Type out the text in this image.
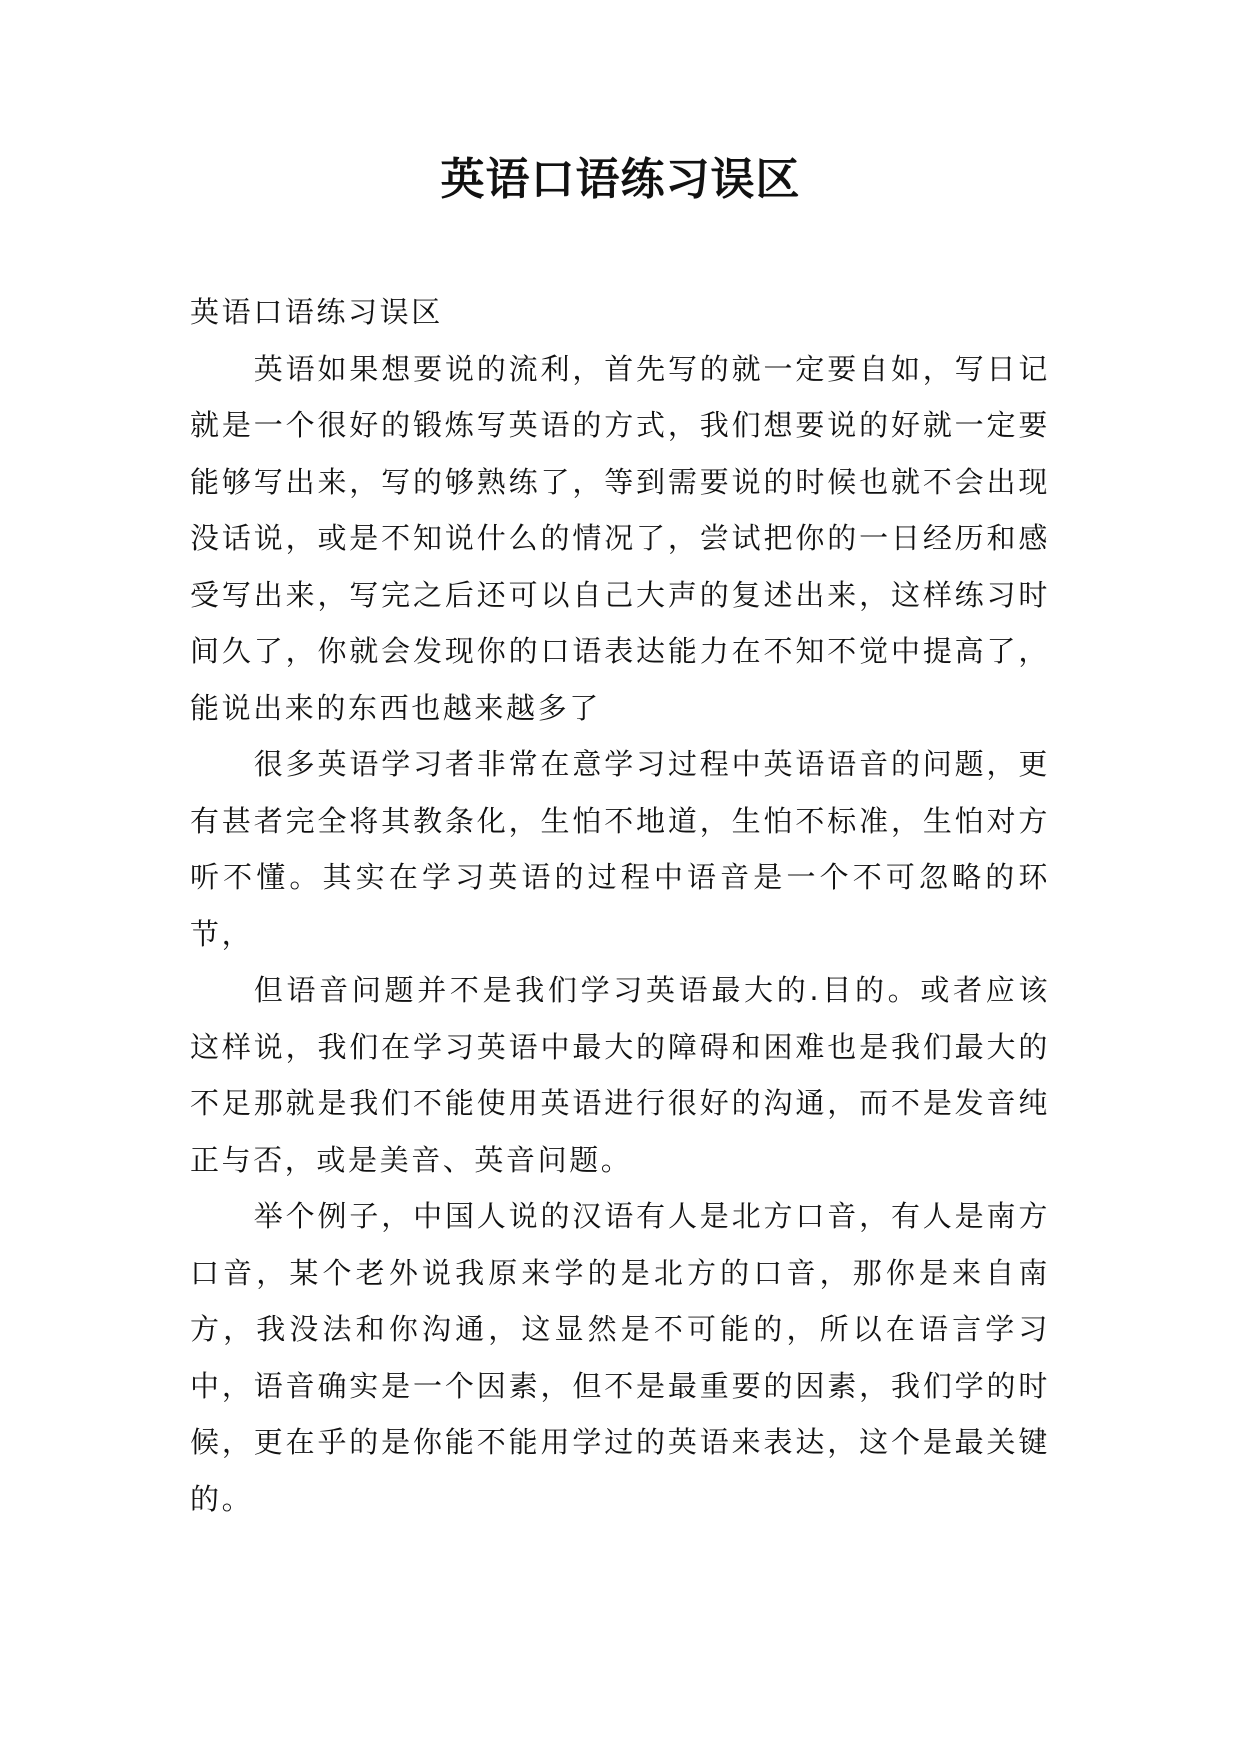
英语口语练习误区

英语口语练习误区

英语如果想要说的流利，首先写的就一定要自如，写日记就是一个很好的锻炼写英语的方式，我们想要说的好就一定要能够写出来，写的够熟练了，等到需要说的时候也就不会出现没话说，或是不知说什么的情况了，尝试把你的一日经历和感受写出来，写完之后还可以自己大声的复述出来，这样练习时间久了，你就会发现你的口语表达能力在不知不觉中提高了，能说出来的东西也越来越多了

很多英语学习者非常在意学习过程中英语语音的问题，更有甚者完全将其教条化，生怕不地道，生怕不标准，生怕对方听不懂。其实在学习英语的过程中语音是一个不可忽略的环节，

但语音问题并不是我们学习英语最大的.目的。或者应该这样说，我们在学习英语中最大的障碍和困难也是我们最大的不足那就是我们不能使用英语进行很好的沟通，而不是发音纯正与否，或是美音、英音问题。

举个例子，中国人说的汉语有人是北方口音，有人是南方口音，某个老外说我原来学的是北方的口音，那你是来自南方，我没法和你沟通，这显然是不可能的，所以在语言学习中，语音确实是一个因素，但不是最重要的因素，我们学的时候，更在乎的是你能不能用学过的英语来表达，这个是最关键的。
